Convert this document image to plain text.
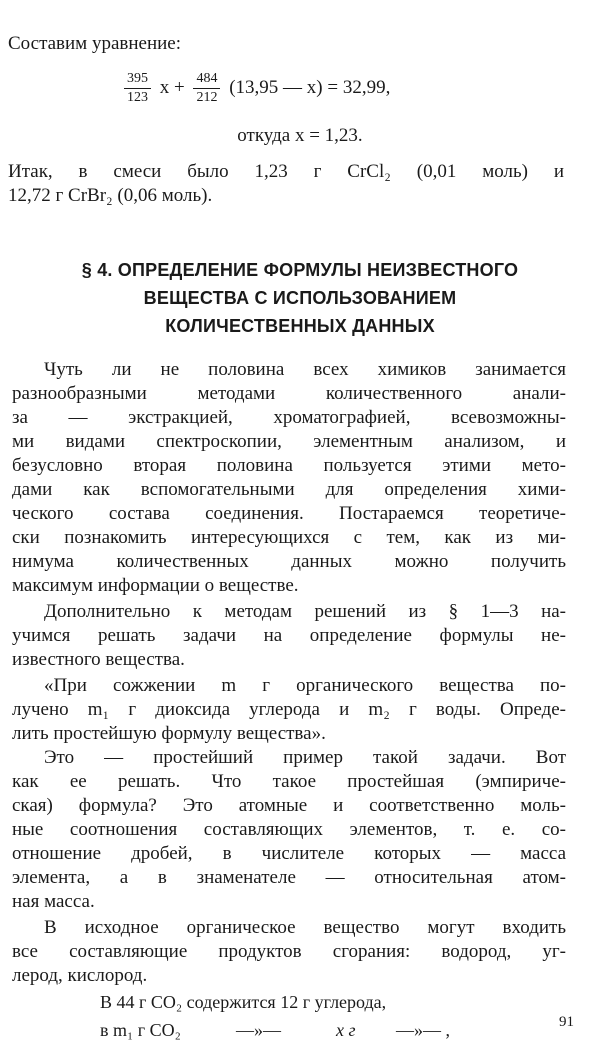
Составим уравнение:
$\frac{395}{123}$ $x + \frac{484}{212} (13,95$ — x) = 32,99,
откуда x = 1,23.
Итак, в смеси было 1,23 г CrCl₂ (0,01 моль) и
12,72 г CrBr₂ (0,06 моль).
§ 4. ОПРЕДЕЛЕНИЕ ФОРМУЛЫ НЕИЗВЕСТНОГО
ВЕЩЕСТВА С ИСПОЛЬЗОВАНИЕМ
КОЛИЧЕСТВЕННЫХ ДАННЫХ
Чуть ли не половина всех химиков занимается
разнообразными методами количественного анали-
за — экстракцией, хроматографией, всевозможны-
ми видами спектроскопии, элементным анализом, и
безусловно вторая половина пользуется этими мето-
дами как вспомогательными для определения хими-
ческого состава соединения. Постараемся теоретиче-
ски познакомить интересующихся с тем, как из ми-
нимума количественных данных можно получить
максимум информации о веществе.
Дополнительно к методам решений из § 1—3 на-
учимся решать задачи на определение формулы не-
известного вещества.
«При сожжении m г органического вещества по-
лучено m₁ г диоксида углерода и m₂ г воды. Опреде-
лить простейшую формулу вещества».
Это — простейший пример такой задачи. Вот
как ее решать. Что такое простейшая (эмпириче-
ская) формула? Это атомные и соответственно моль-
ные соотношения составляющих элементов, т. е. со-
отношение дробей, в числителе которых — масса
элемента, а в знаменателе — относительная атом-
ная масса.
В исходное органическое вещество могут входить
все составляющие продуктов сгорания: водород, уг-
лерод, кислород.
В 44 г CO₂ содержится 12 г углерода,
в m₁ г CO₂	—»—	x г —»— ,	91
